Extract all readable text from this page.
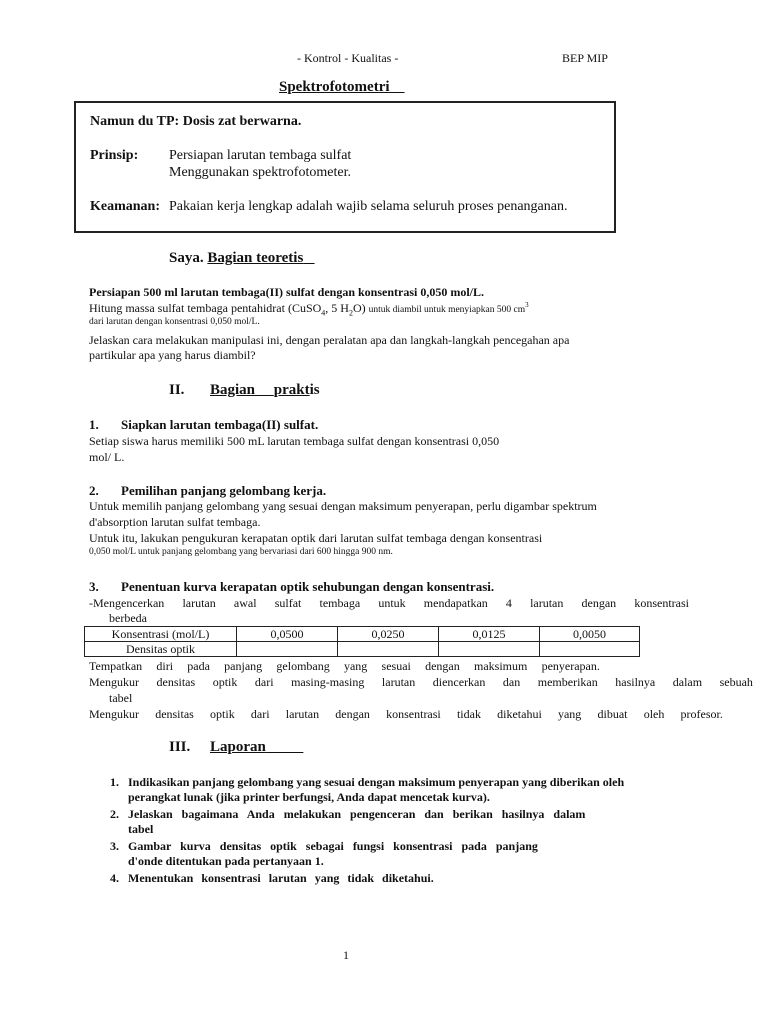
- Kontrol - Kualitas -	BEP MIP
Spektrofotometri
Namun du TP: Dosis zat berwarna.
Prinsip: Persiapan larutan tembaga sulfat
Menggunakan spektrofotometer.
Keamanan: Pakaian kerja lengkap adalah wajib selama seluruh proses penanganan.
Saya. Bagian teoretis
Persiapan 500 ml larutan tembaga(II) sulfat dengan konsentrasi 0,050 mol/L.
Hitung massa sulfat tembaga pentahidrat (CuSO$_4$, 5 $H_2O$) untuk diambil untuk menyiapkan 500 $cm^3$
dari larutan dengan konsentrasi 0,050 mol/L.
Jelaskan cara melakukan manipulasi ini, dengan peralatan apa dan langkah-langkah pencegahan apa
partikular apa yang harus diambil?
II. Bagian praktis
1. Siapkan larutan tembaga(II) sulfat.
Setiap siswa harus memiliki 500 mL larutan tembaga sulfat dengan konsentrasi 0,050
mol/ L.
2. Pemilihan panjang gelombang kerja.
Untuk memilih panjang gelombang yang sesuai dengan maksimum penyerapan, perlu digambar spektrum
d'absorption larutan sulfat tembaga.
Untuk itu, lakukan pengukuran kerapatan optik dari larutan sulfat tembaga dengan konsentrasi
0,050 mol/L untuk panjang gelombang yang bervariasi dari 600 hingga 900 nm.
3. Penentuan kurva kerapatan optik sehubungan dengan konsentrasi.
-Mengencerkan larutan awal sulfat tembaga untuk mendapatkan 4 larutan dengan konsentrasi
berbeda
Konsentrasi (mol/L)	0,0500	0,0250	0,0125	0,0050
Densitas optik				
Tempatkan diri pada panjang gelombang yang sesuai dengan maksimum penyerapan.
Mengukur densitas optik dari masing-masing larutan diencerkan dan memberikan hasilnya dalam sebuah
tabel
Mengukur densitas optik dari larutan dengan konsentrasi tidak diketahui yang dibuat oleh profesor.
III. Laporan
1. Indikasikan panjang gelombang yang sesuai dengan maksimum penyerapan yang diberikan oleh
perangkat lunak (jika printer berfungsi, Anda dapat mencetak kurva).
2. Jelaskan bagaimana Anda melakukan pengenceran dan berikan hasilnya dalam
tabel
3. Gambar kurva densitas optik sebagai fungsi konsentrasi pada panjang
d'onde ditentukan pada pertanyaan 1.
4. Menentukan konsentrasi larutan yang tidak diketahui.
1
